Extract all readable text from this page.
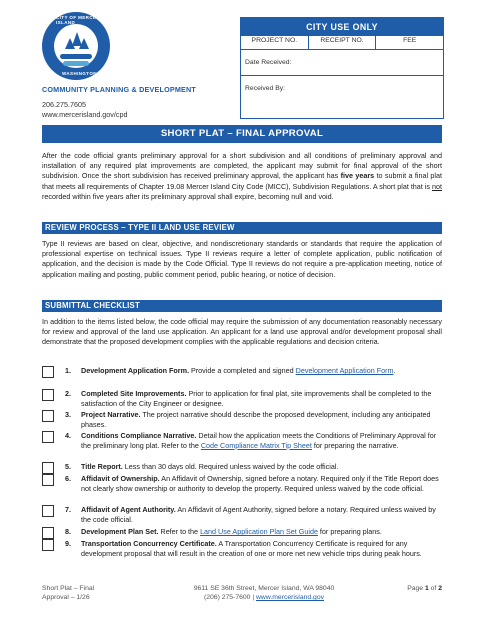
CITY OF MERCER ISLAND
WASHINGTON
COMMUNITY PLANNING & DEVELOPMENT
206.275.7605
www.mercerisland.gov/cpd
CITY USE ONLY
PROJECT NO.	RECEIPT NO.	FEE
Date Received:
Received By:
SHORT PLAT – FINAL APPROVAL

After the code official grants preliminary approval for a short subdivision and all conditions of preliminary approval and installation of any required plat improvements are completed, the applicant may submit for final approval of the short subdivision. Once the short subdivision has received preliminary approval, the applicant has five years to submit a final plat that meets all requirements of Chapter 19.08 Mercer Island City Code (MICC), Subdivision Regulations. A short plat that is not recorded within five years after its preliminary approval shall expire, becoming null and void.

REVIEW PROCESS – TYPE II LAND USE REVIEW

Type II reviews are based on clear, objective, and nondiscretionary standards or standards that require the application of professional expertise on technical issues. Type II reviews require a letter of complete application, public notification of application, and the decision is made by the Code Official. Type II reviews do not require a pre-application meeting, notice of application mailing and posting, public comment period, public hearing, or notice of decision.

SUBMITTAL CHECKLIST

In addition to the items listed below, the code official may require the submission of any documentation reasonably necessary for review and approval of the land use application. An applicant for a land use approval and/or development proposal shall demonstrate that the proposed development complies with the applicable regulations and decision criteria.

1. Development Application Form. Provide a completed and signed Development Application Form.
2. Completed Site Improvements. Prior to application for final plat, site improvements shall be completed to the satisfaction of the City Engineer or designee.
3. Project Narrative. The project narrative should describe the proposed development, including any anticipated phases.
4. Conditions Compliance Narrative. Detail how the application meets the Conditions of Preliminary Approval for the preliminary long plat. Refer to the Code Compliance Matrix Tip Sheet for preparing the narrative.
5. Title Report. Less than 30 days old. Required unless waived by the code official.
6. Affidavit of Ownership. An Affidavit of Ownership, signed before a notary. Required only if the Title Report does not clearly show ownership or authority to develop the property. Required unless waived by the code official.
7. Affidavit of Agent Authority. An Affidavit of Agent Authority, signed before a notary. Required unless waived by the code official.
8. Development Plan Set. Refer to the Land Use Application Plan Set Guide for preparing plans.
9. Transportation Concurrency Certificate. A Transportation Concurrency Certificate is required for any development proposal that will result in the creation of one or more net new vehicle trips during peak hours.
Short Plat – Final
Approval – 1/26
9611 SE 36th Street, Mercer Island, WA 98040
(206) 275-7600 | www.mercerisland.gov
Page 1 of 2
